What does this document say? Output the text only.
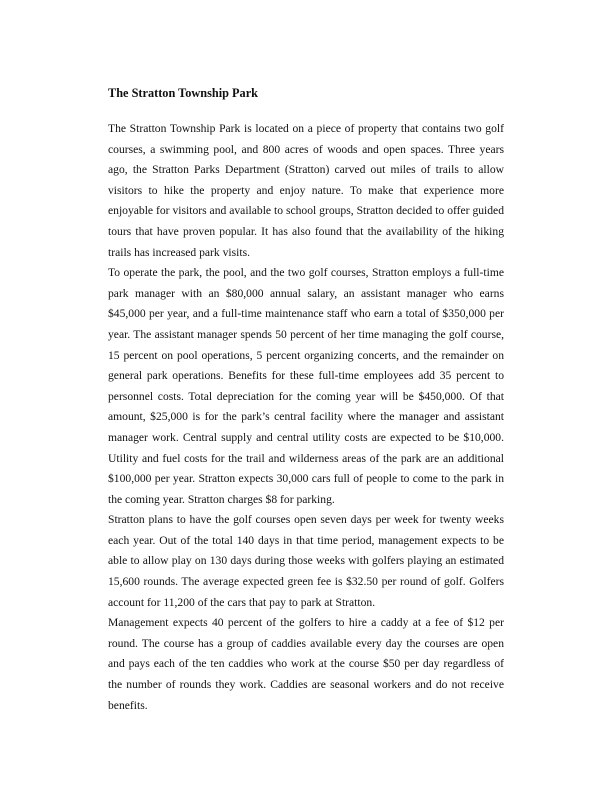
The Stratton Township Park

The Stratton Township Park is located on a piece of property that contains two golf courses, a swimming pool, and 800 acres of woods and open spaces. Three years ago, the Stratton Parks Department (Stratton) carved out miles of trails to allow visitors to hike the property and enjoy nature. To make that experience more enjoyable for visitors and available to school groups, Stratton decided to offer guided tours that have proven popular. It has also found that the availability of the hiking trails has increased park visits.

To operate the park, the pool, and the two golf courses, Stratton employs a full-time park manager with an $80,000 annual salary, an assistant manager who earns $45,000 per year, and a full-time maintenance staff who earn a total of $350,000 per year. The assistant manager spends 50 percent of her time managing the golf course, 15 percent on pool operations, 5 percent organizing concerts, and the remainder on general park operations. Benefits for these full-time employees add 35 percent to personnel costs. Total depreciation for the coming year will be $450,000. Of that amount, $25,000 is for the park’s central facility where the manager and assistant manager work. Central supply and central utility costs are expected to be $10,000. Utility and fuel costs for the trail and wilderness areas of the park are an additional $100,000 per year. Stratton expects 30,000 cars full of people to come to the park in the coming year. Stratton charges $8 for parking.

Stratton plans to have the golf courses open seven days per week for twenty weeks each year. Out of the total 140 days in that time period, management expects to be able to allow play on 130 days during those weeks with golfers playing an estimated 15,600 rounds. The average expected green fee is $32.50 per round of golf. Golfers account for 11,200 of the cars that pay to park at Stratton.

Management expects 40 percent of the golfers to hire a caddy at a fee of $12 per round. The course has a group of caddies available every day the courses are open and pays each of the ten caddies who work at the course $50 per day regardless of the number of rounds they work. Caddies are seasonal workers and do not receive benefits.
